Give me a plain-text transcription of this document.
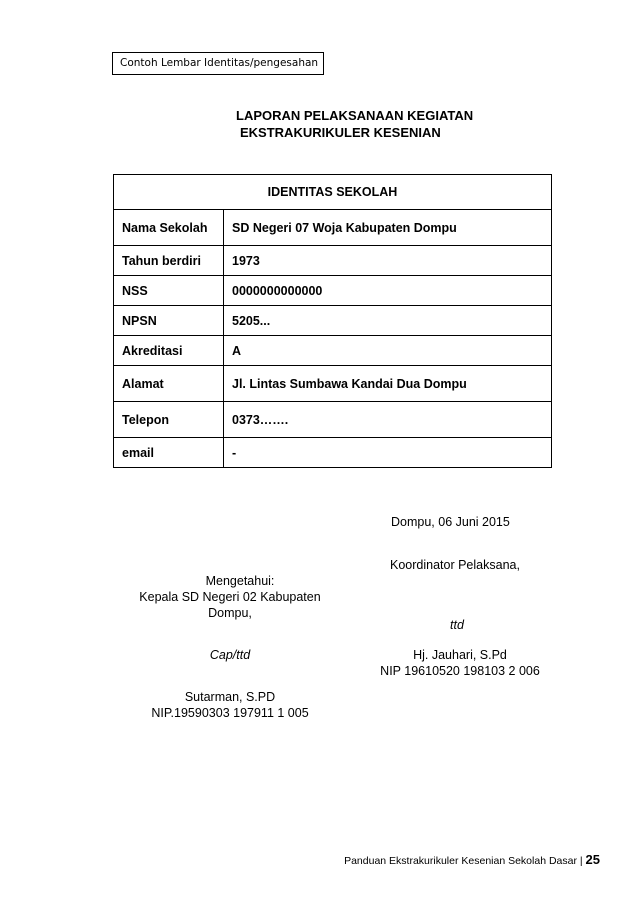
Contoh Lembar Identitas/pengesahan
LAPORAN PELAKSANAAN KEGIATAN
EKSTRAKURIKULER KESENIAN
IDENTITAS SEKOLAH	
Nama Sekolah	SD Negeri 07 Woja Kabupaten Dompu
Tahun berdiri	1973
NSS	0000000000000
NPSN	5205...
Akreditasi	A
Alamat	Jl. Lintas Sumbawa Kandai Dua Dompu
Telepon	0373…….
email	-
Dompu, 06 Juni 2015
Koordinator Pelaksana,
Mengetahui:
Kepala SD Negeri 02 Kabupaten
Dompu,
ttd
Cap/ttd	Hj. Jauhari, S.Pd
NIP 19610520 198103 2 006
Sutarman, S.PD
NIP.19590303 197911 1 005
Panduan Ekstrakurikuler Kesenian Sekolah Dasar | 25
